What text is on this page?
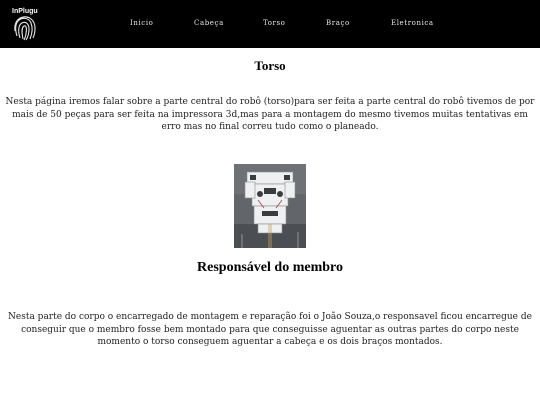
InPlugu
Inicio	Cabeça	Torso	Braço	Eletronica
Torso

Nesta página iremos falar sobre a parte central do robô (torso)para ser feita a parte central do robô tivemos de por mais de 50 peças para ser feita na impressora 3d,mas para a montagem do mesmo tivemos muitas tentativas em erro mas no final correu tudo como o planeado.

Responsável do membro

Nesta parte do corpo o encarregado de montagem e reparação foi o João Souza,o responsavel ficou encarregue de conseguir que o membro fosse bem montado para que conseguisse aguentar as outras partes do corpo neste momento o torso conseguem aguentar a cabeça e os dois braços montados.
